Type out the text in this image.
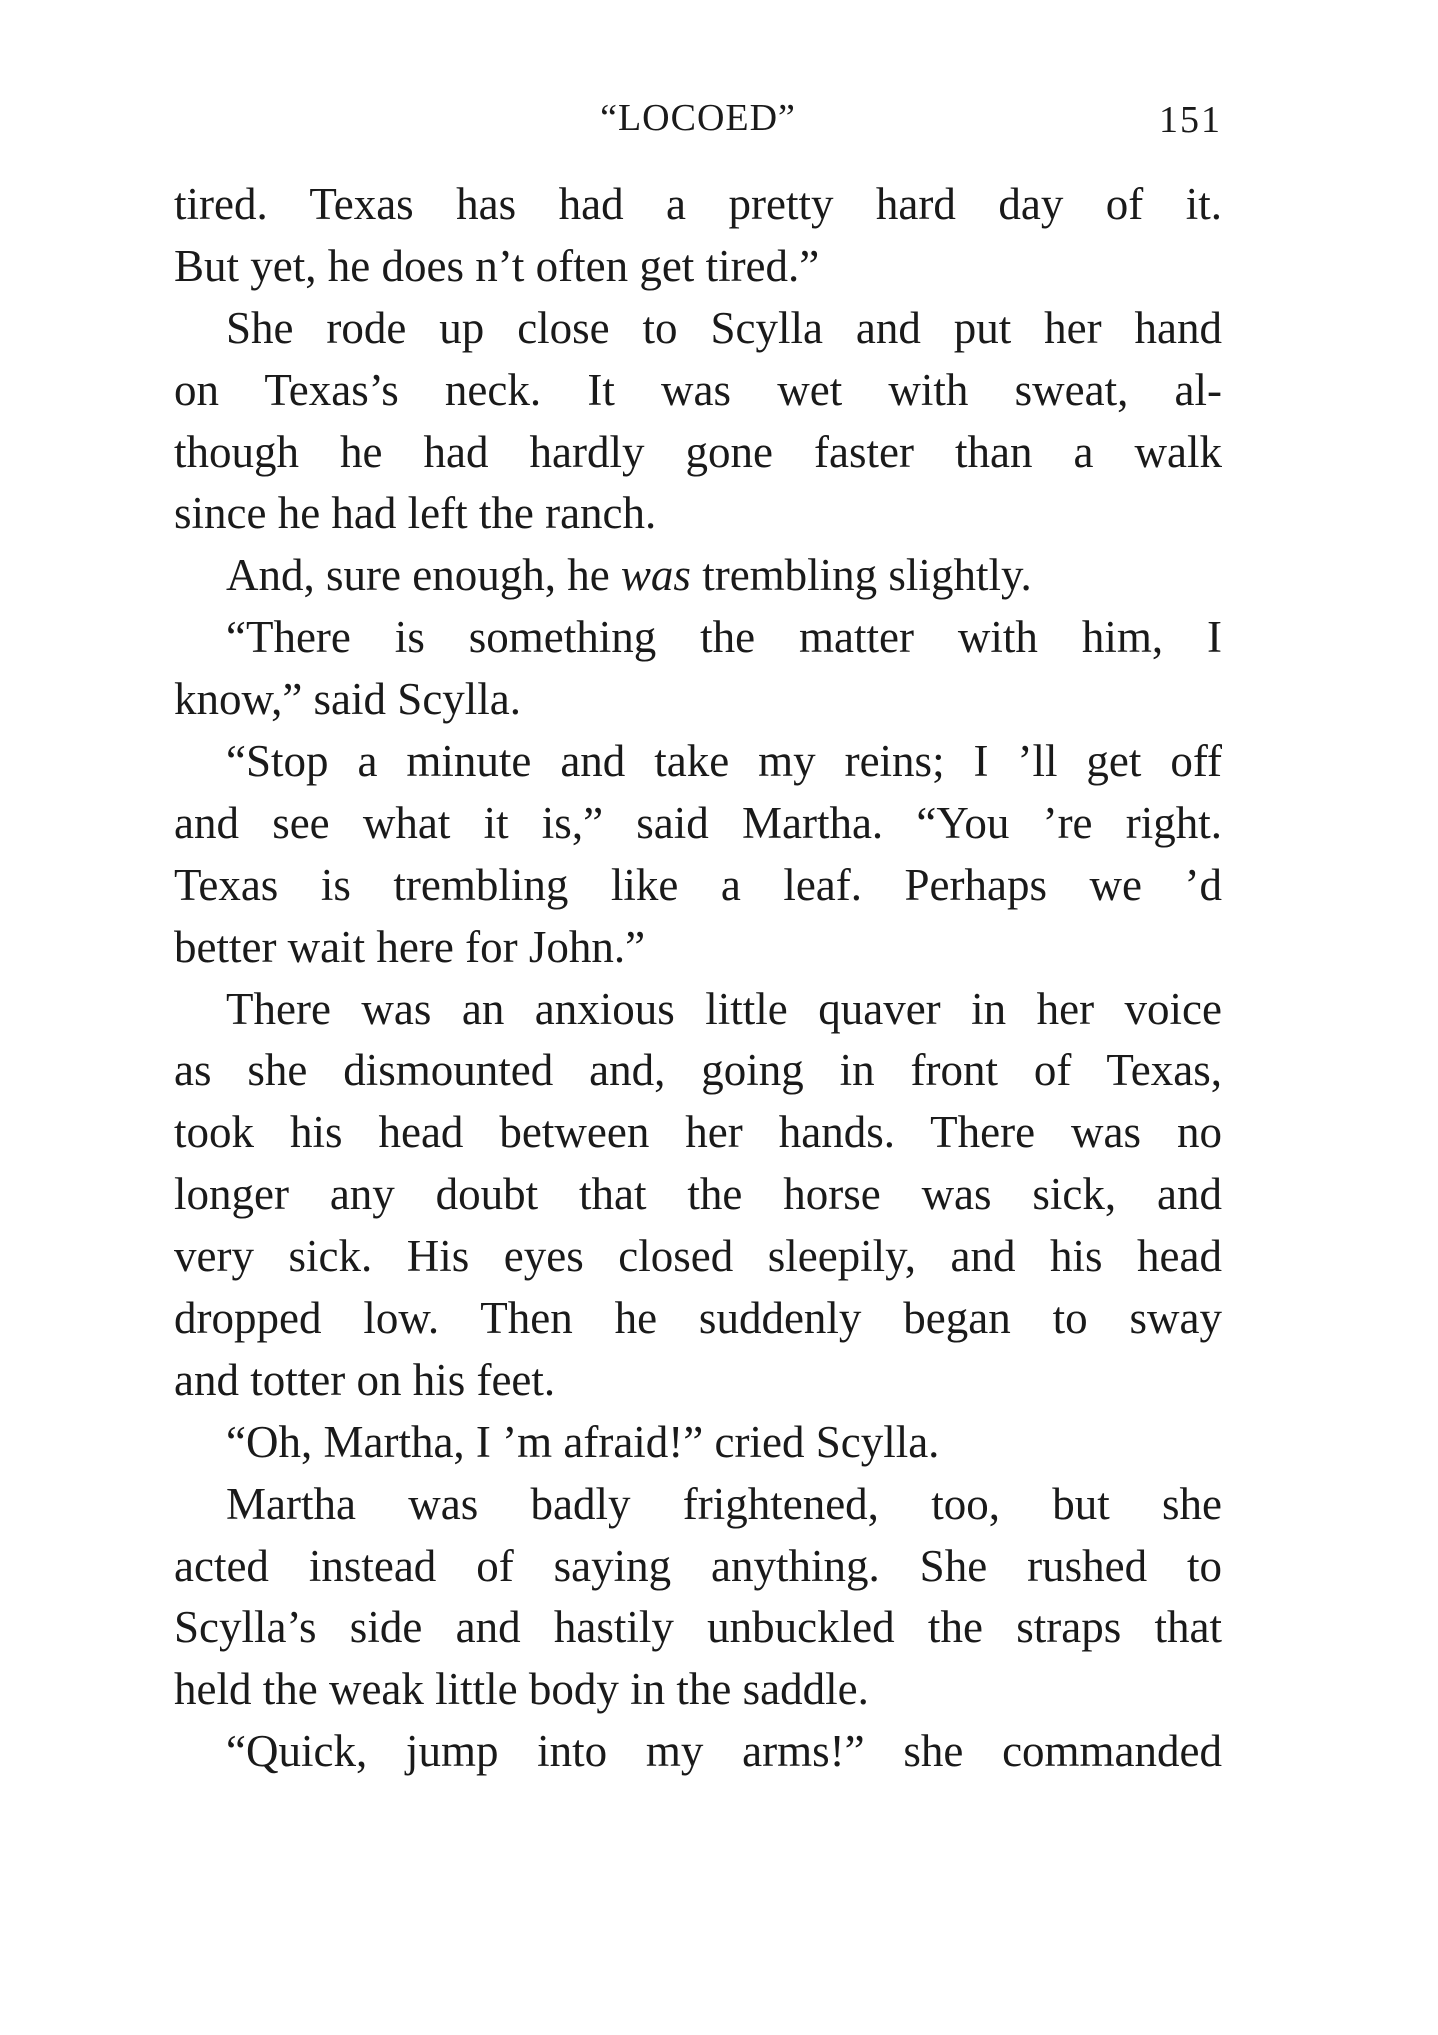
“LOCOED”	151
tired. Texas has had a pretty hard day of it.
But yet, he does n’t often get tired.”
She rode up close to Scylla and put her hand
on Texas’s neck. It was wet with sweat, al-
though he had hardly gone faster than a walk
since he had left the ranch.
And, sure enough, he was trembling slightly.
“There is something the matter with him, I
know,” said Scylla.
“Stop a minute and take my reins; I ’ll get off
and see what it is,” said Martha. “You ’re right.
Texas is trembling like a leaf. Perhaps we ’d
better wait here for John.”
There was an anxious little quaver in her voice
as she dismounted and, going in front of Texas,
took his head between her hands. There was no
longer any doubt that the horse was sick, and
very sick. His eyes closed sleepily, and his head
dropped low. Then he suddenly began to sway
and totter on his feet.
“Oh, Martha, I ’m afraid!” cried Scylla.
Martha was badly frightened, too, but she
acted instead of saying anything. She rushed to
Scylla’s side and hastily unbuckled the straps that
held the weak little body in the saddle.
“Quick, jump into my arms!” she commanded
